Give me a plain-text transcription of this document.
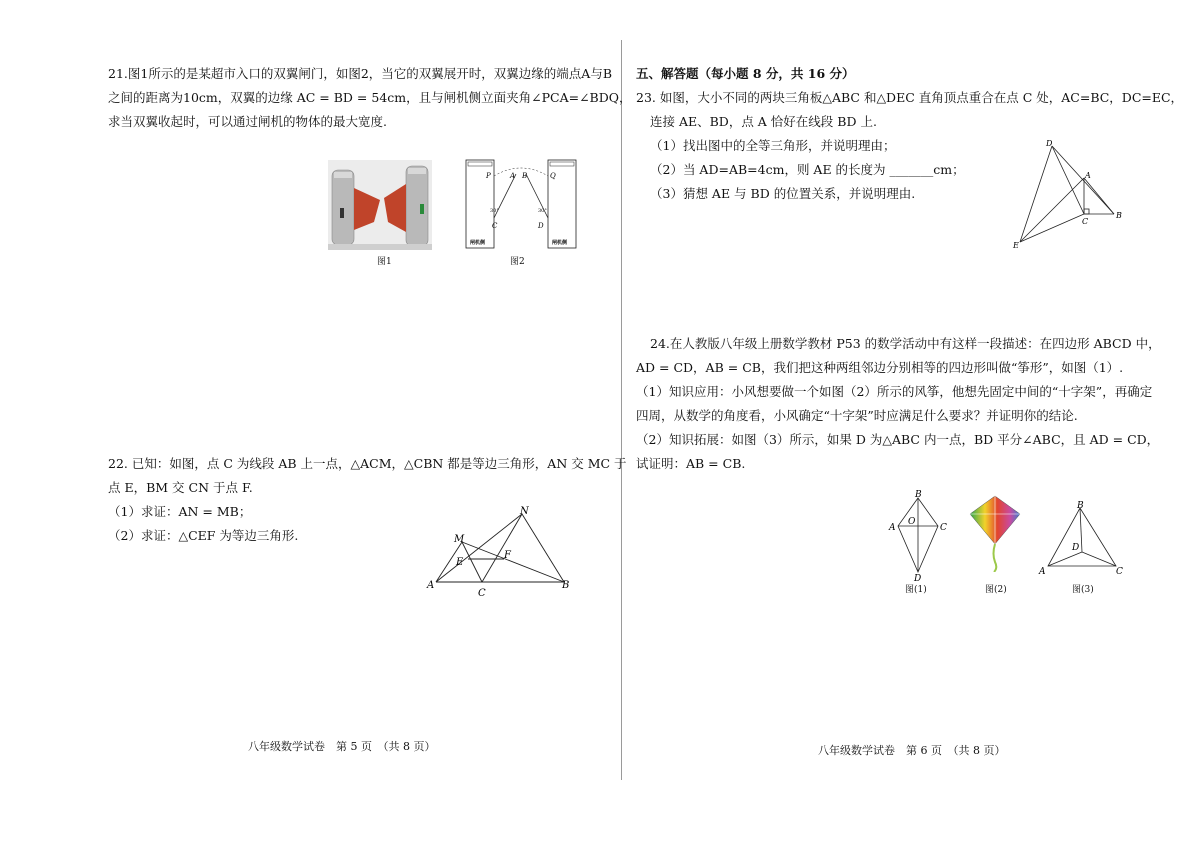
21.图1所示的是某超市入口的双翼闸门，如图2，当它的双翼展开时，双翼边缘的端点A与B
之间的距离为10cm，双翼的边缘 AC = BD = 54cm，且与闸机侧立面夹角∠PCA=∠BDQ，
求当双翼收起时，可以通过闸机的物体的最大宽度.
图1
P	A B	Q
C	D
30°	30°
闸机侧	闸机侧
图2
22. 已知：如图，点 C 为线段 AB 上一点，△ACM，△CBN 都是等边三角形，AN 交 MC 于
点 E，BM 交 CN 于点 F.
（1）求证：AN = MB；
（2）求证：△CEF 为等边三角形.	M
N
E
F
A	B
C
八年级数学试卷　第 5 页　（共 8 页）
五、解答题（每小题 8 分，共 16 分）
23. 如图，大小不同的两块三角板△ABC 和△DEC 直角顶点重合在点 C 处，AC=BC，DC=EC，
连接 AE、BD，点 A 恰好在线段 BD 上.
（1）找出图中的全等三角形，并说明理由；
（2）当 AD=AB=4cm，则 AE 的长度为 _______cm；
（3）猜想 AE 与 BD 的位置关系，并说明理由.
D
A
B
C
E
24.在人教版八年级上册数学教材 P53 的数学活动中有这样一段描述：在四边形 ABCD 中，
AD = CD，AB = CB，我们把这种两组邻边分别相等的四边形叫做“筝形”，如图（1）.
（1）知识应用：小风想要做一个如图（2）所示的风筝，他想先固定中间的“十字架”，再确定
四周，从数学的角度看，小风确定“十字架”时应满足什么要求？并证明你的结论.
（2）知识拓展：如图（3）所示，如果 D 为△ABC 内一点，BD 平分∠ABC，且 AD = CD，
试证明：AB = CB.
B
A	C
D
O
图(1)	图(2)
B
D
A	C
图(3)
八年级数学试卷　第 6 页　（共 8 页）
